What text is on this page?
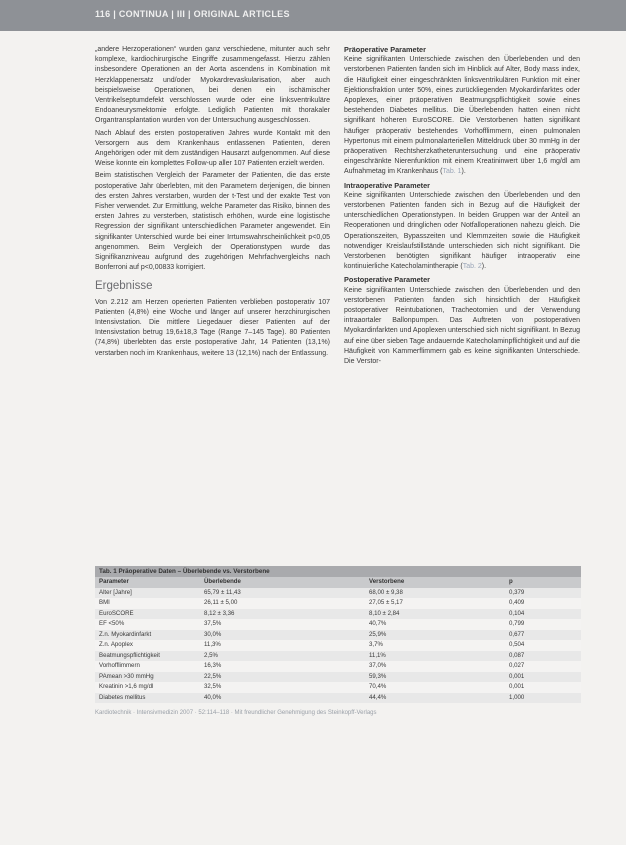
116 | CONTINUA | III | ORIGINAL ARTICLES

„andere Herzoperationen“ wurden ganz verschiedene, mitunter auch sehr komplexe, kardiochirurgische Eingriffe zusammengefasst. Hierzu zählen insbesondere Operationen an der Aorta ascendens in Kombination mit Herzklappenersatz und/oder Myokardrevaskularisation, aber auch beispielsweise Operationen, bei denen ein ischämischer Ventrikelseptumdefekt verschlossen wurde oder eine linksventrikuläre Endoaneurysmektomie erfolgte. Lediglich Patienten mit thorakaler Organtransplantation wurden von der Untersuchung ausgeschlossen.

Nach Ablauf des ersten postoperativen Jahres wurde Kontakt mit den Versorgern aus dem Krankenhaus entlassenen Patienten, deren Angehörigen oder mit dem zuständigen Hausarzt aufgenommen. Auf diese Weise konnte ein komplettes Follow-up aller 107 Patienten erzielt werden.

Beim statistischen Vergleich der Parameter der Patienten, die das erste postoperative Jahr überlebten, mit den Parametern derjenigen, die binnen des ersten Jahres verstarben, wurden der t-Test und der exakte Test von Fisher verwendet. Zur Ermittlung, welche Parameter das Risiko, binnen des ersten Jahres zu versterben, statistisch erhöhen, wurde eine logistische Regression der signifikant unterschiedlichen Parameter angewendet. Ein signifikanter Unterschied wurde bei einer Irrtumswahrscheinlichkeit p<0,05 angenommen. Beim Vergleich der Operationstypen wurde das Signifikanzniveau aufgrund des zugehörigen Mehrfachvergleichs nach Bonferroni auf p<0,00833 korrigiert.

Ergebnisse

Von 2.212 am Herzen operierten Patienten verblieben postoperativ 107 Patienten (4,8%) eine Woche und länger auf unserer herzchirurgischen Intensivstation. Die mittlere Liegedauer dieser Patienten auf der Intensivstation betrug 19,6±18,3 Tage (Range 7–145 Tage). 80 Patienten (74,8%) überlebten das erste postoperative Jahr, 14 Patienten (13,1%) verstarben noch im Krankenhaus, weitere 13 (12,1%) nach der Entlassung.

Präoperative Parameter

Keine signifikanten Unterschiede zwischen den Überlebenden und den verstorbenen Patienten fanden sich im Hinblick auf Alter, Body mass index, die Häufigkeit einer eingeschränkten linksventrikulären Funktion mit einer Ejektionsfraktion unter 50%, eines zurückliegenden Myokardinfarktes oder Apoplexes, einer präoperativen Beatmungspflichtigkeit sowie eines bestehenden Diabetes mellitus. Die Überlebenden hatten einen nicht signifikant höheren EuroSCORE. Die Verstorbenen hatten signifikant häufiger präoperativ bestehendes Vorhofflimmern, einen pulmonalen Hypertonus mit einem pulmonalarteriellen Mitteldruck über 30 mmHg in der präoperativen Rechtsherzkatheteruntersuchung und eine präoperativ eingeschränkte Nierenfunktion mit einem Kreatininwert über 1,6 mg/dl am Aufnahmetag im Krankenhaus (Tab. 1).

Intraoperative Parameter

Keine signifikanten Unterschiede zwischen den Überlebenden und den verstorbenen Patienten fanden sich in Bezug auf die Häufigkeit der unterschiedlichen Operationstypen. In beiden Gruppen war der Anteil an Reoperationen und dringlichen oder Notfalloperationen nahezu gleich. Die Operationszeiten, Bypasszeiten und Klemmzeiten sowie die Häufigkeit notwendiger Kreislaufstillstände unterschieden sich nicht signifikant. Die Verstorbenen benötigten signifikant häufiger intraoperativ eine kontinuierliche Katecholamintherapie (Tab. 2).

Postoperative Parameter

Keine signifikanten Unterschiede zwischen den Überlebenden und den verstorbenen Patienten fanden sich hinsichtlich der Häufigkeit postoperativer Reintubationen, Tracheotomien und der Verwendung intraaortaler Ballonpumpen. Das Auftreten von postoperativen Myokardinfarkten und Apoplexen unterschied sich nicht signifikant. In Bezug auf eine über sieben Tage andauernde Katecholaminpflichtigkeit und auf die Häufigkeit von Kammerflimmern gab es keine signifikanten Unterschiede. Die Verstor-

Tab. 1 Präoperative Daten – Überlebende vs. Verstorbene
Parameter	Überlebende	Verstorbene	p
Alter [Jahre]	65,79 ± 11,43	68,00 ± 9,38	0,379
BMI	26,11 ± 5,00	27,05 ± 5,17	0,409
EuroSCORE	8,12 ± 3,36	8,10 ± 2,84	0,104
EF <50%	37,5%	40,7%	0,799
Z.n. Myokardinfarkt	30,0%	25,9%	0,677
Z.n. Apoplex	11,3%	3,7%	0,504
Beatmungspflichtigkeit	2,5%	11,1%	0,087
Vorhofflimmern	16,3%	37,0%	0,027
PAmean >30 mmHg	22,5%	59,3%	0,001
Kreatinin >1,6 mg/dl	32,5%	70,4%	0,001
Diabetes mellitus	40,0%	44,4%	1,000
Kardiotechnik · Intensivmedizin 2007 · 52:114–118 · Mit freundlicher Genehmigung des Steinkopff-Verlags
